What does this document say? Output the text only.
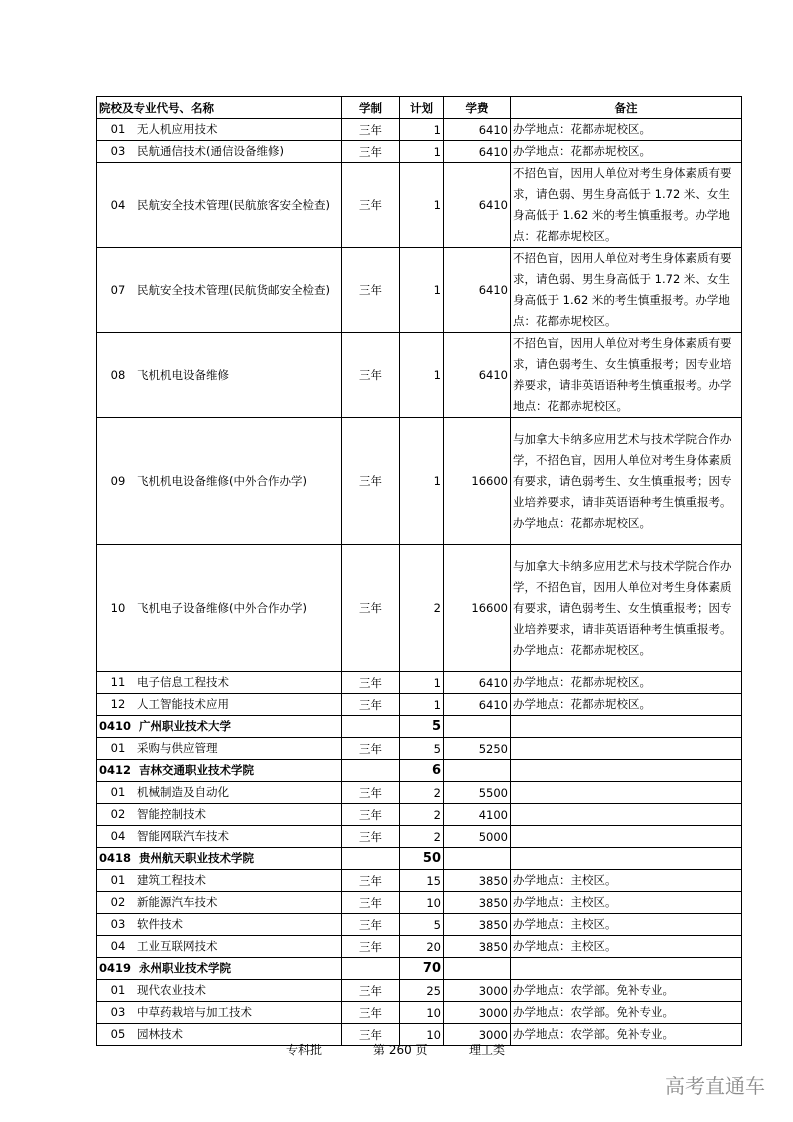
院校及专业代号、名称	学制	计划	学费	备注
01 无人机应用技术	三年	1	6410	办学地点：花都赤坭校区。
03 民航通信技术(通信设备维修)	三年	1	6410	办学地点：花都赤坭校区。
04 民航安全技术管理(民航旅客安全检查)	三年	1	6410	不招色盲，因用人单位对考生身体素质有要求，请色弱、男生身高低于 1.72 米、女生身高低于 1.62 米的考生慎重报考。办学地点：花都赤坭校区。
07 民航安全技术管理(民航货邮安全检查)	三年	1	6410	不招色盲，因用人单位对考生身体素质有要求，请色弱、男生身高低于 1.72 米、女生身高低于 1.62 米的考生慎重报考。办学地点：花都赤坭校区。
08 飞机机电设备维修	三年	1	6410	不招色盲，因用人单位对考生身体素质有要求，请色弱考生、女生慎重报考；因专业培养要求，请非英语语种考生慎重报考。办学地点：花都赤坭校区。
09 飞机机电设备维修(中外合作办学)	三年	1	16600	与加拿大卡纳多应用艺术与技术学院合作办学，不招色盲，因用人单位对考生身体素质有要求，请色弱考生、女生慎重报考；因专业培养要求，请非英语语种考生慎重报考。办学地点：花都赤坭校区。
10 飞机电子设备维修(中外合作办学)	三年	2	16600	与加拿大卡纳多应用艺术与技术学院合作办学，不招色盲，因用人单位对考生身体素质有要求，请色弱考生、女生慎重报考；因专业培养要求，请非英语语种考生慎重报考。办学地点：花都赤坭校区。
11 电子信息工程技术	三年	1	6410	办学地点：花都赤坭校区。
12 人工智能技术应用	三年	1	6410	办学地点：花都赤坭校区。
0410 广州职业技术大学		5		
01 采购与供应管理	三年	5	5250	
0412 吉林交通职业技术学院		6		
01 机械制造及自动化	三年	2	5500	
02 智能控制技术	三年	2	4100	
04 智能网联汽车技术	三年	2	5000	
0418 贵州航天职业技术学院		50		
01 建筑工程技术	三年	15	3850	办学地点：主校区。
02 新能源汽车技术	三年	10	3850	办学地点：主校区。
03 软件技术	三年	5	3850	办学地点：主校区。
04 工业互联网技术	三年	20	3850	办学地点：主校区。
0419 永州职业技术学院		70		
01 现代农业技术	三年	25	3000	办学地点：农学部。免补专业。
03 中草药栽培与加工技术	三年	10	3000	办学地点：农学部。免补专业。
05 园林技术	三年	10	3000	办学地点：农学部。免补专业。
专科批	第 260 页	理工类
高考直通车
